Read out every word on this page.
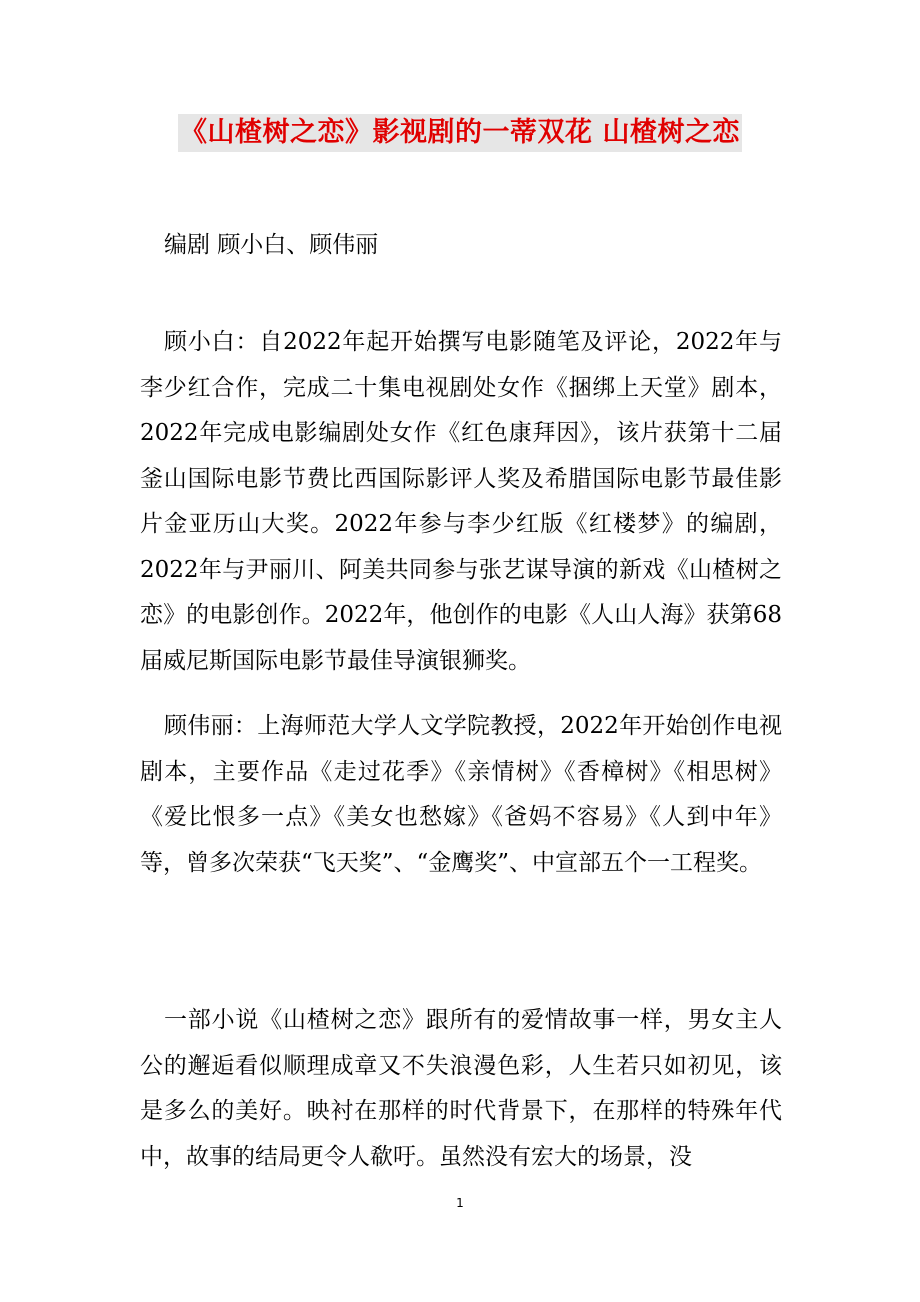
《山楂树之恋》影视剧的一蒂双花 山楂树之恋

编剧 顾小白、顾伟丽

顾小白：自2022年起开始撰写电影随笔及评论，2022年与李少红合作，完成二十集电视剧处女作《捆绑上天堂》剧本，2022年完成电影编剧处女作《红色康拜因》，该片获第十二届釜山国际电影节费比西国际影评人奖及希腊国际电影节最佳影片金亚历山大奖。2022年参与李少红版《红楼梦》的编剧，2022年与尹丽川、阿美共同参与张艺谋导演的新戏《山楂树之恋》的电影创作。2022年，他创作的电影《人山人海》获第68届威尼斯国际电影节最佳导演银狮奖。

顾伟丽：上海师范大学人文学院教授，2022年开始创作电视剧本，主要作品《走过花季》《亲情树》《香樟树》《相思树》《爱比恨多一点》《美女也愁嫁》《爸妈不容易》《人到中年》等，曾多次荣获“飞天奖”、“金鹰奖”、中宣部五个一工程奖。

一部小说《山楂树之恋》跟所有的爱情故事一样，男女主人公的邂逅看似顺理成章又不失浪漫色彩，人生若只如初见，该是多么的美好。映衬在那样的时代背景下，在那样的特殊年代中，故事的结局更令人欷吁。虽然没有宏大的场景，没

1
